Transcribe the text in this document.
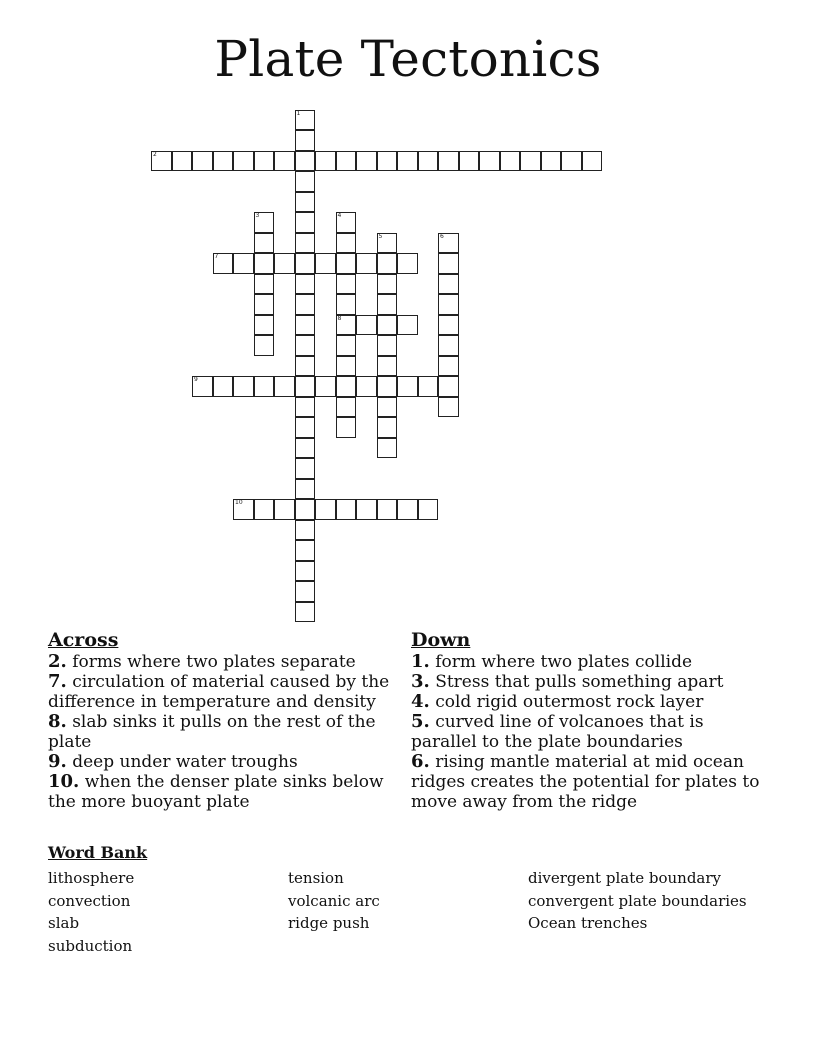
Plate Tectonics
1
2
3	4
8
5	6
7
9
10
Across

2. forms where two plates separate

7. circulation of material caused by the difference in temperature and density

8. slab sinks it pulls on the rest of the plate

9. deep under water troughs

10. when the denser plate sinks below the more buoyant plate

Down

1. form where two plates collide

3. Stress that pulls something apart

4. cold rigid outermost rock layer

5. curved line of volcanoes that is parallel to the plate boundaries

6. rising mantle material at mid ocean ridges creates the potential for plates to move away from the ridge

Word Bank

lithosphere
convection
slab
subduction
tension
volcanic arc
ridge push
divergent plate boundary
convergent plate boundaries
Ocean trenches
